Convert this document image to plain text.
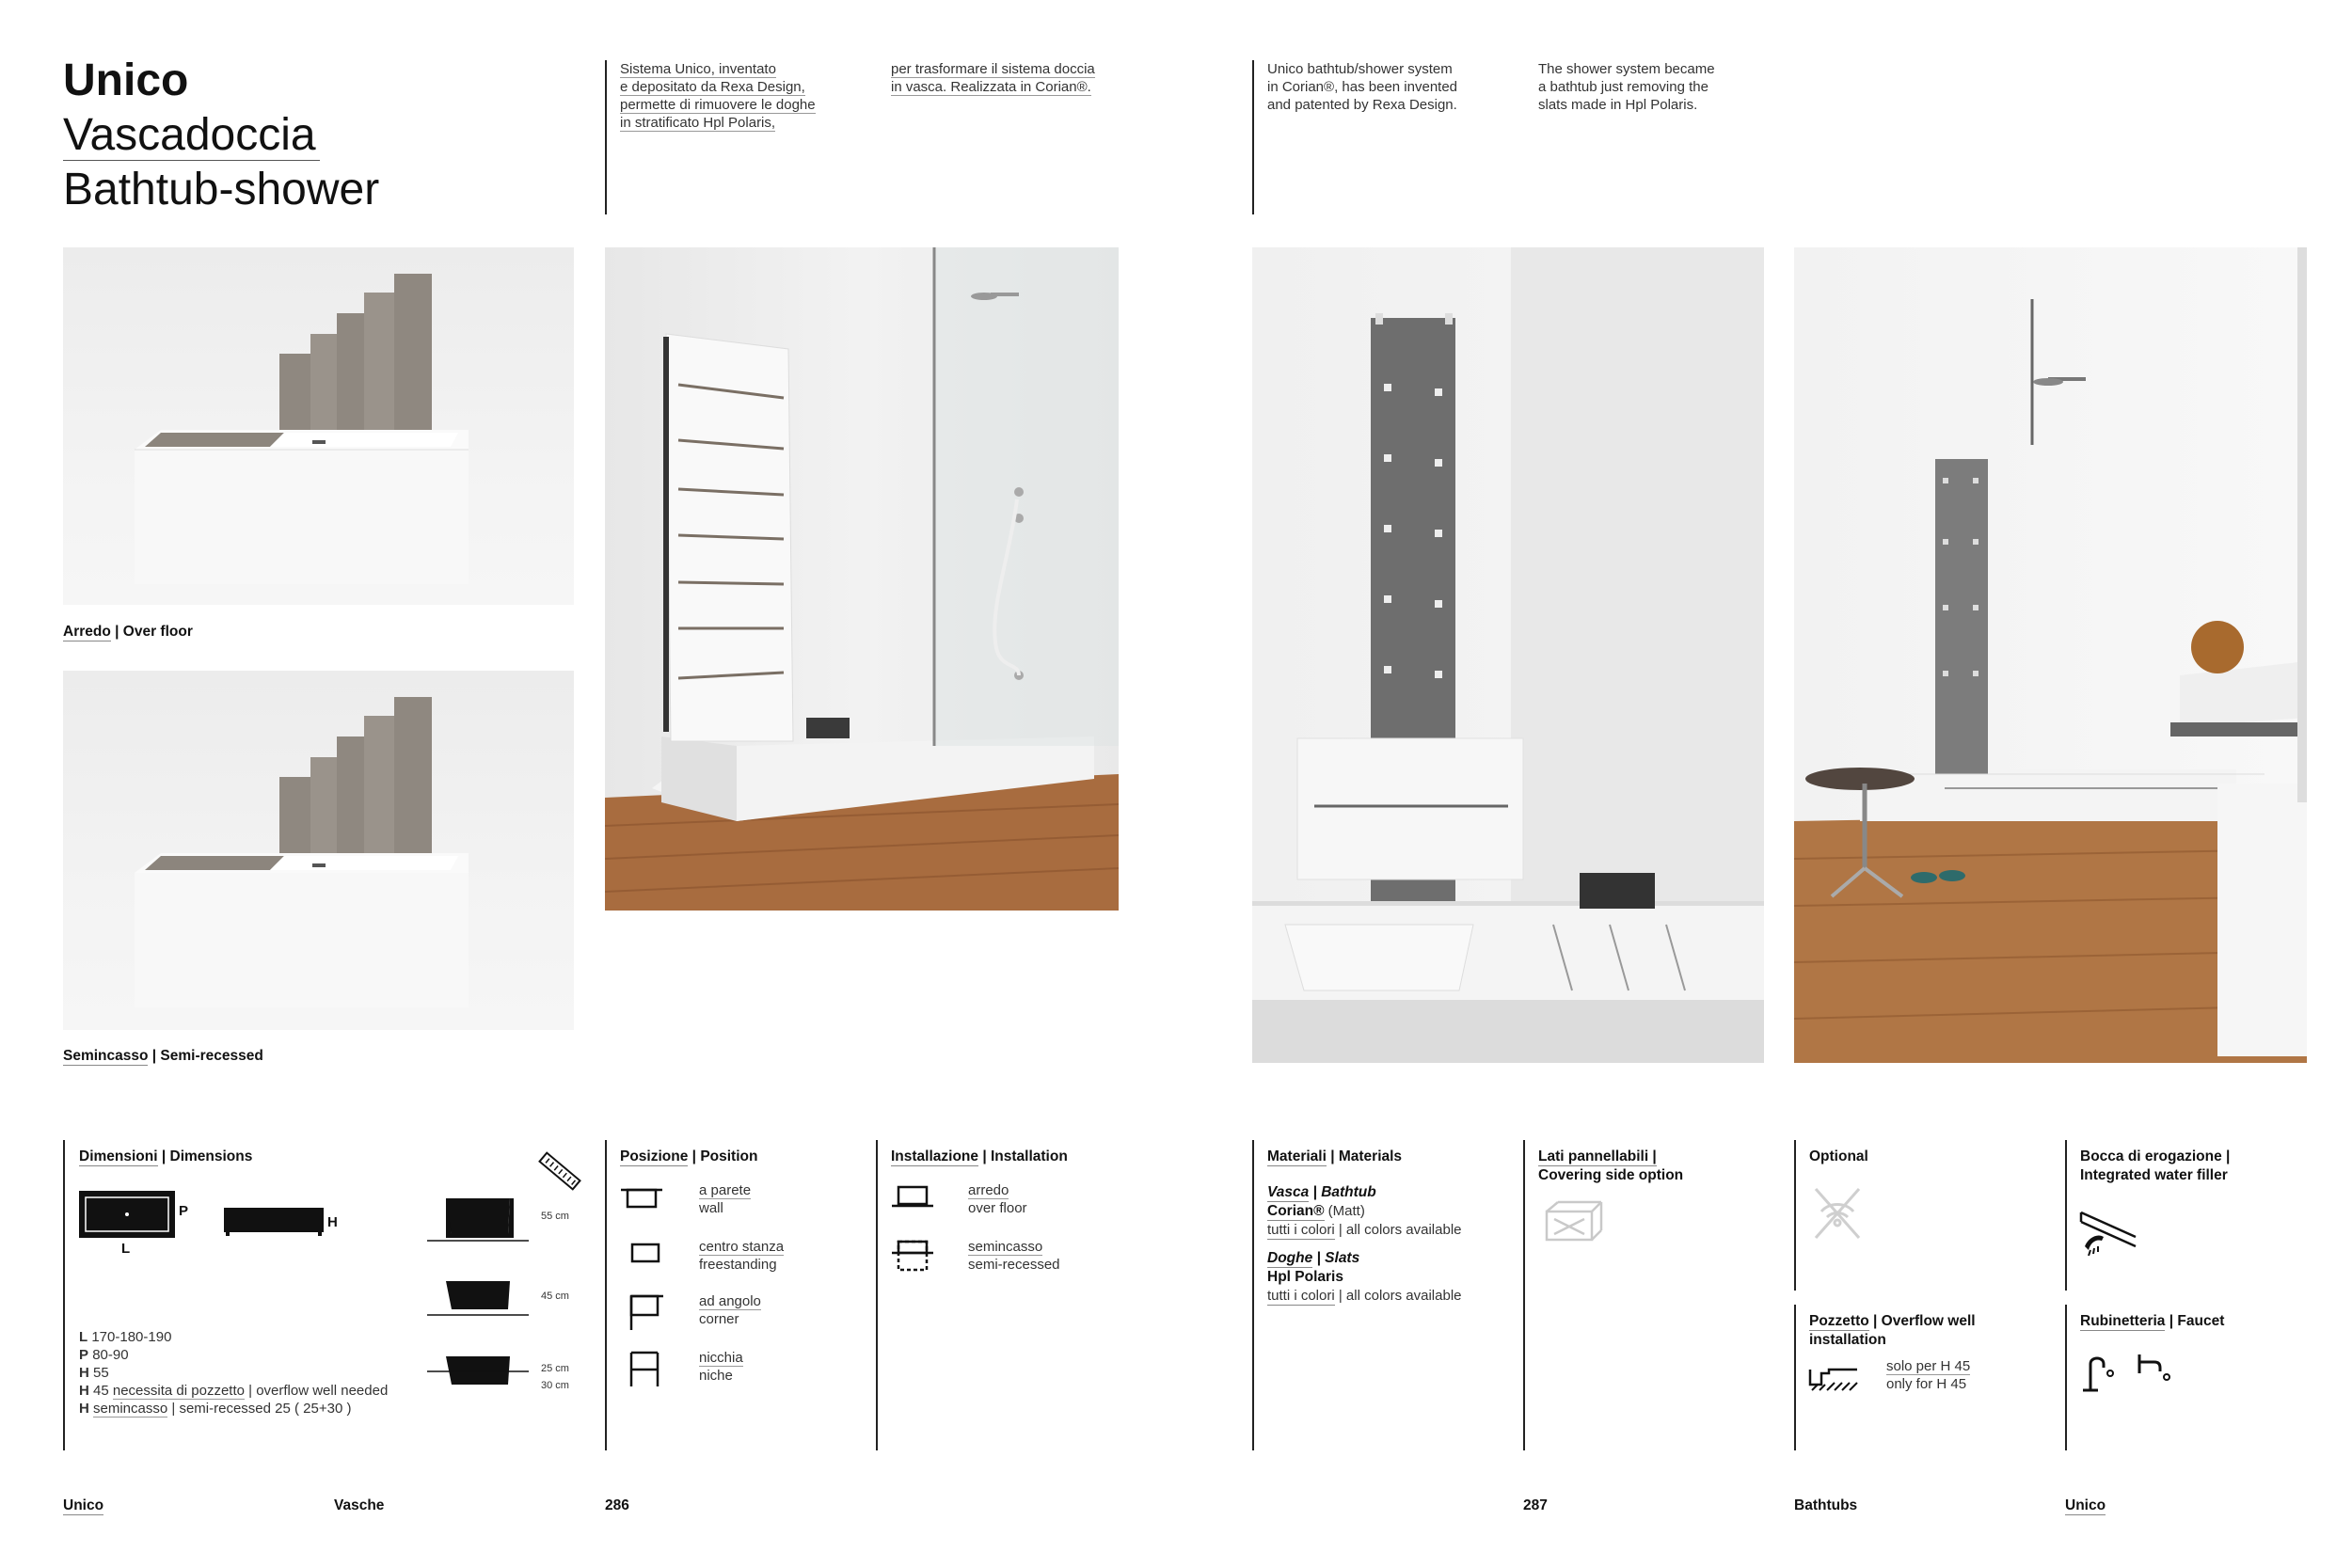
Unico
Vascadoccia
Bathtub-shower
Sistema Unico, inventato
e depositato da Rexa Design,
permette di rimuovere le doghe
in stratificato Hpl Polaris,
per trasformare il sistema doccia
in vasca. Realizzata in Corian®.
Unico bathtub/shower system
in Corian®, has been invented
and patented by Rexa Design.
The shower system became
a bathtub just removing the
slats made in Hpl Polaris.
Arredo | Over floor
Semincasso | Semi-recessed
Dimensioni | Dimensions
P
L
H	55 cm
45 cm
25 cm
30 cm
L 170-180-190
P 80-90
H 55
H 45 necessita di pozzetto | overflow well needed
H semincasso | semi-recessed 25 ( 25+30 )
Posizione | Position
a parete
wall
centro stanza
freestanding
ad angolo
corner
nicchia
niche
Installazione | Installation
arredo
over floor
semincasso
semi-recessed
Materiali | Materials
Vasca | Bathtub
Corian® (Matt)
tutti i colori | all colors available
Doghe | Slats
Hpl Polaris
tutti i colori | all colors available
Lati pannellabili |
Covering side option
Optional	Bocca di erogazione |
Integrated water filler
Pozzetto | Overflow well
installation
solo per H 45
only for H 45
Rubinetteria | Faucet
Unico	Vasche	286	287	Bathtubs	Unico
